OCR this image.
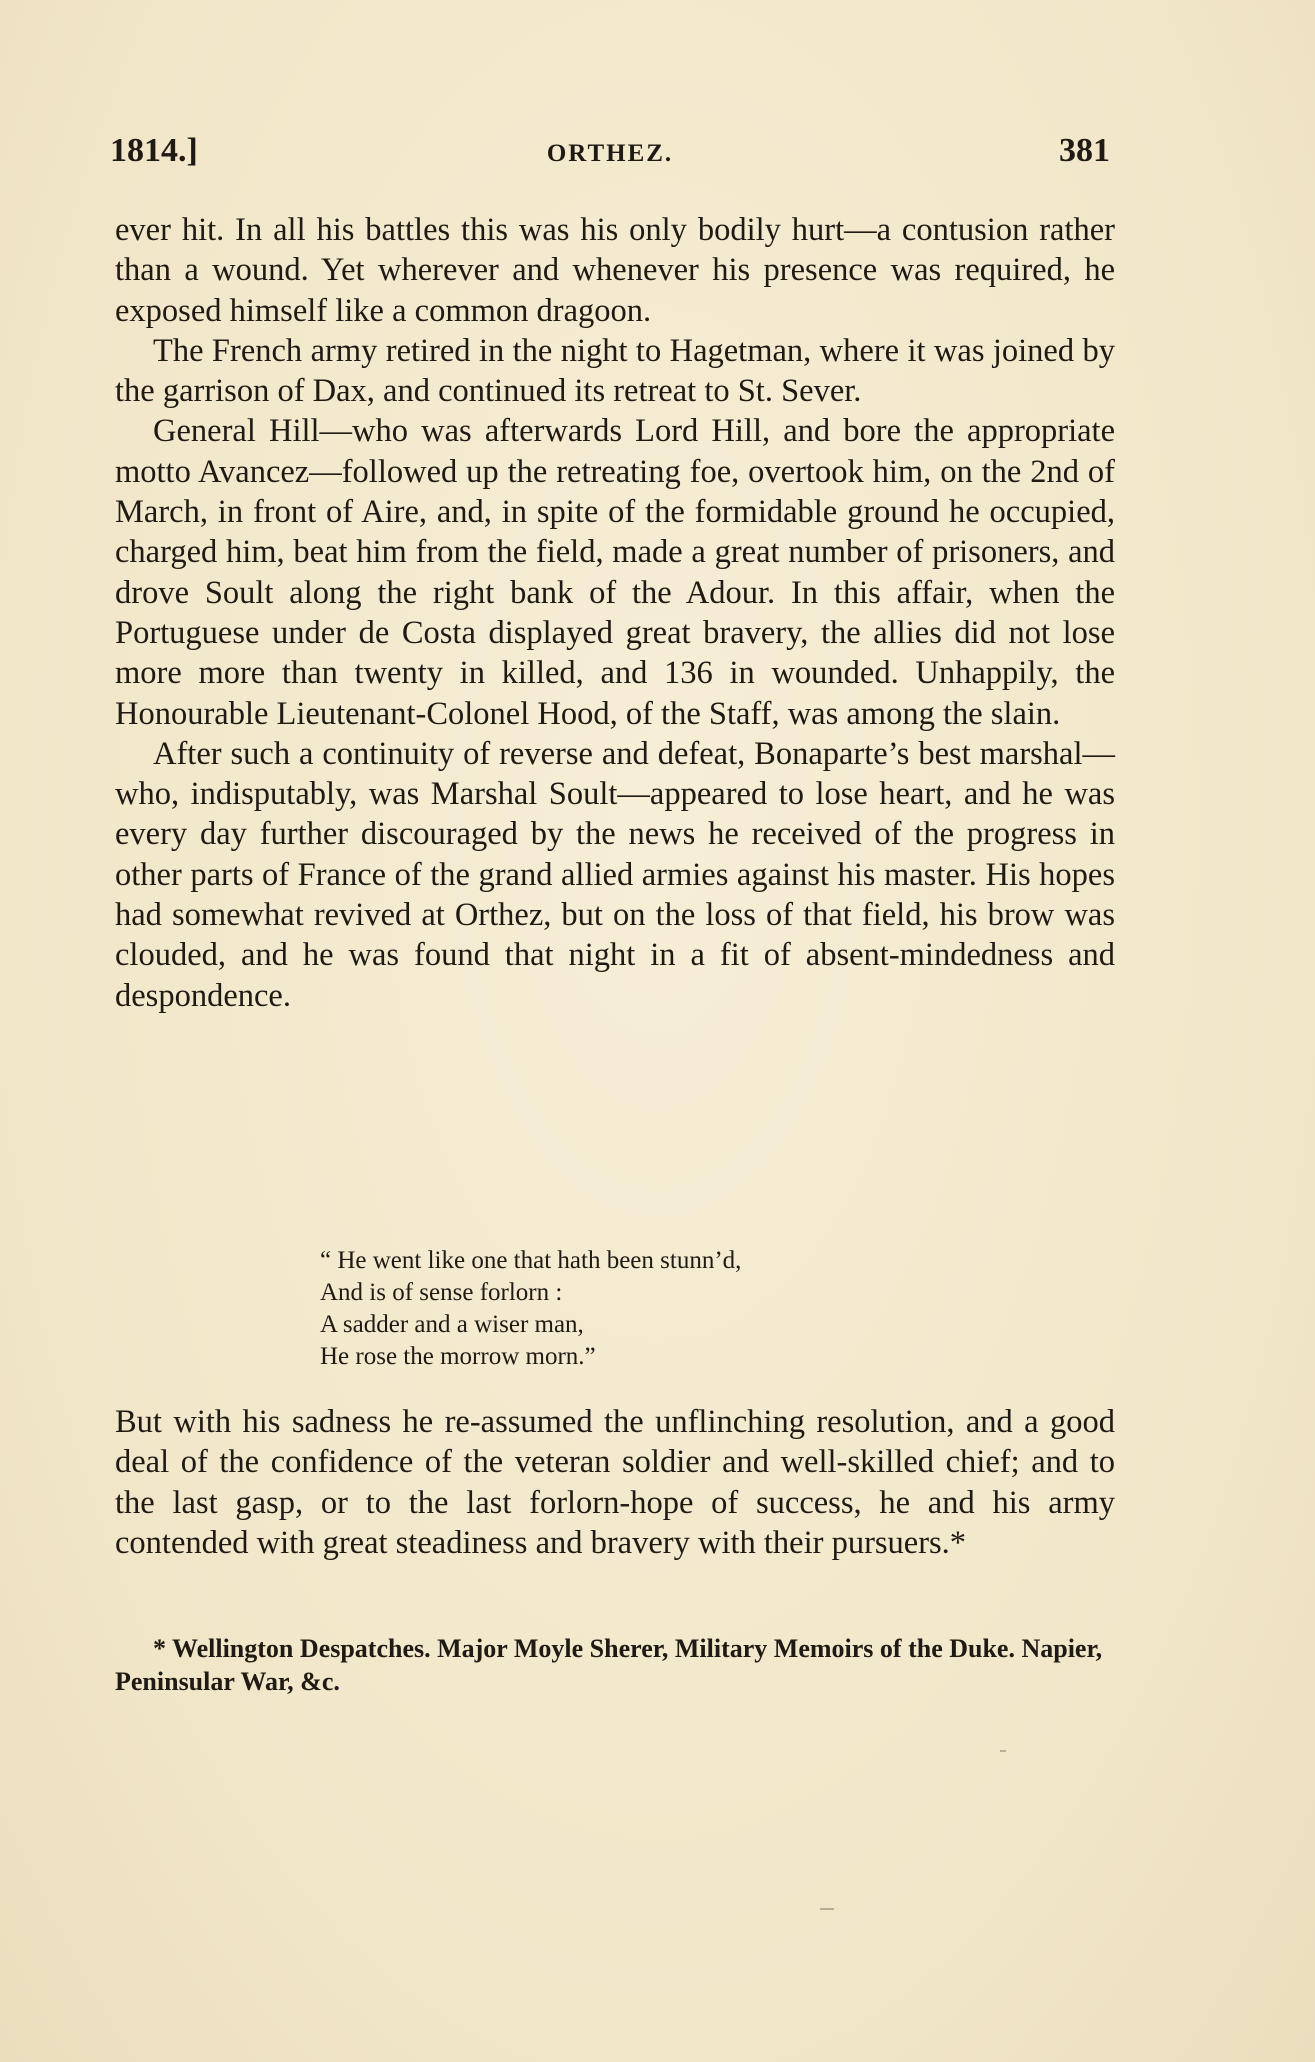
1814.]	ORTHEZ.	381

ever hit. In all his battles this was his only bodily hurt—a contusion rather than a wound. Yet wherever and whenever his presence was required, he exposed himself like a common dragoon.

The French army retired in the night to Hagetman, where it was joined by the garrison of Dax, and continued its retreat to St. Sever.

General Hill—who was afterwards Lord Hill, and bore the appropriate motto Avancez—followed up the retreating foe, overtook him, on the 2nd of March, in front of Aire, and, in spite of the formidable ground he occupied, charged him, beat him from the field, made a great number of prisoners, and drove Soult along the right bank of the Adour. In this affair, when the Portuguese under de Costa displayed great bravery, the allies did not lose more more than twenty in killed, and 136 in wounded. Unhappily, the Honourable Lieutenant-Colonel Hood, of the Staff, was among the slain.

After such a continuity of reverse and defeat, Bonaparte’s best marshal—who, indisputably, was Marshal Soult—appeared to lose heart, and he was every day further discouraged by the news he received of the progress in other parts of France of the grand allied armies against his master. His hopes had somewhat revived at Orthez, but on the loss of that field, his brow was clouded, and he was found that night in a fit of absent-mindedness and despondence.

“ He went like one that hath been stunn’d,
And is of sense forlorn :
A sadder and a wiser man,
He rose the morrow morn.”

But with his sadness he re-assumed the unflinching resolution, and a good deal of the confidence of the veteran soldier and well-skilled chief; and to the last gasp, or to the last forlorn-hope of success, he and his army contended with great steadiness and bravery with their pursuers.*

* Wellington Despatches. Major Moyle Sherer, Military Memoirs of the Duke. Napier, Peninsular War, &c.
